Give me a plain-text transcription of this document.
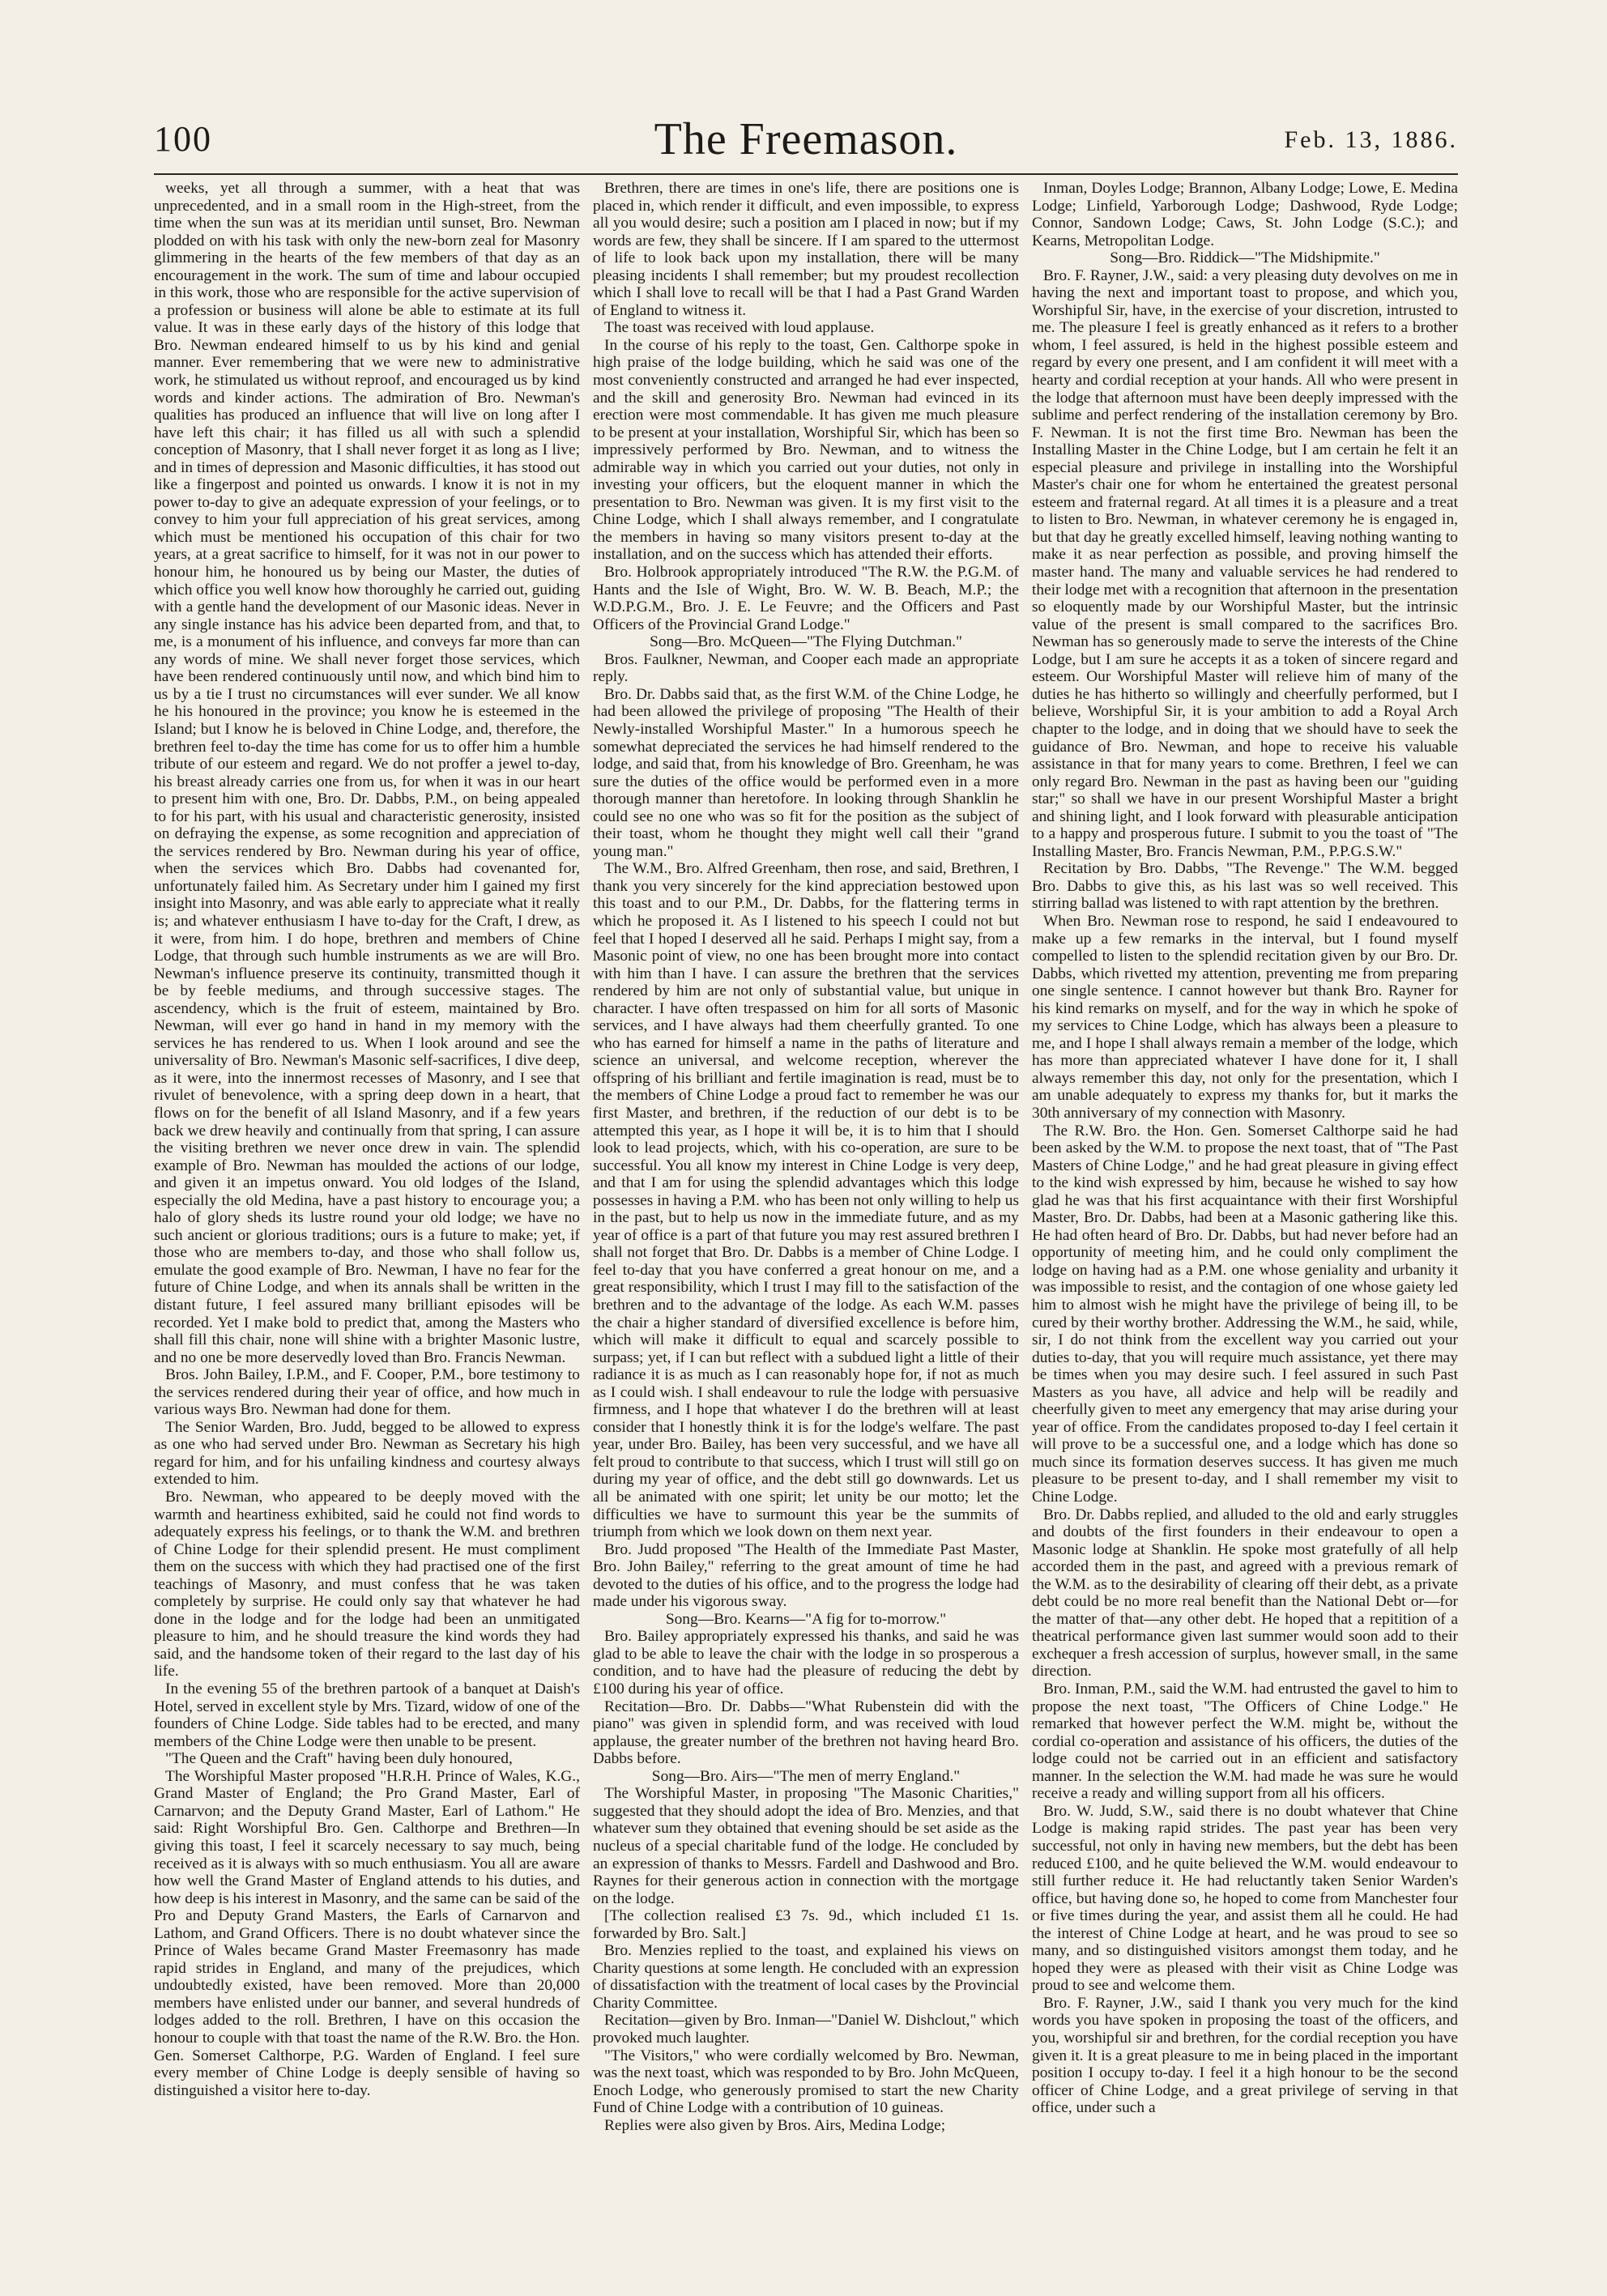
100	The Freemason.	Feb. 13, 1886.

weeks, yet all through a summer, with a heat that was unprecedented, and in a small room in the High-street, from the time when the sun was at its meridian until sunset, Bro. Newman plodded on with his task with only the new-born zeal for Masonry glimmering in the hearts of the few members of that day as an encouragement in the work. The sum of time and labour occupied in this work, those who are responsible for the active supervision of a profession or business will alone be able to estimate at its full value. It was in these early days of the history of this lodge that Bro. Newman endeared himself to us by his kind and genial manner. Ever remembering that we were new to administrative work, he stimulated us without reproof, and encouraged us by kind words and kinder actions. The admiration of Bro. Newman's qualities has produced an influence that will live on long after I have left this chair; it has filled us all with such a splendid conception of Masonry, that I shall never forget it as long as I live; and in times of depression and Masonic difficulties, it has stood out like a fingerpost and pointed us onwards. I know it is not in my power to-day to give an adequate expression of your feelings, or to convey to him your full appreciation of his great services, among which must be mentioned his occupation of this chair for two years, at a great sacrifice to himself, for it was not in our power to honour him, he honoured us by being our Master, the duties of which office you well know how thoroughly he carried out, guiding with a gentle hand the development of our Masonic ideas. Never in any single instance has his advice been departed from, and that, to me, is a monument of his influence, and conveys far more than can any words of mine. We shall never forget those services, which have been rendered continuously until now, and which bind him to us by a tie I trust no circumstances will ever sunder. We all know he his honoured in the province; you know he is esteemed in the Island; but I know he is beloved in Chine Lodge, and, therefore, the brethren feel to-day the time has come for us to offer him a humble tribute of our esteem and regard. We do not proffer a jewel to-day, his breast already carries one from us, for when it was in our heart to present him with one, Bro. Dr. Dabbs, P.M., on being appealed to for his part, with his usual and characteristic generosity, insisted on defraying the expense, as some recognition and appreciation of the services rendered by Bro. Newman during his year of office, when the services which Bro. Dabbs had covenanted for, unfortunately failed him. As Secretary under him I gained my first insight into Masonry, and was able early to appreciate what it really is; and whatever enthusiasm I have to-day for the Craft, I drew, as it were, from him. I do hope, brethren and members of Chine Lodge, that through such humble instruments as we are will Bro. Newman's influence preserve its continuity, transmitted though it be by feeble mediums, and through successive stages. The ascendency, which is the fruit of esteem, maintained by Bro. Newman, will ever go hand in hand in my memory with the services he has rendered to us. When I look around and see the universality of Bro. Newman's Masonic self-sacrifices, I dive deep, as it were, into the innermost recesses of Masonry, and I see that rivulet of benevolence, with a spring deep down in a heart, that flows on for the benefit of all Island Masonry, and if a few years back we drew heavily and continually from that spring, I can assure the visiting brethren we never once drew in vain. The splendid example of Bro. Newman has moulded the actions of our lodge, and given it an impetus onward. You old lodges of the Island, especially the old Medina, have a past history to encourage you; a halo of glory sheds its lustre round your old lodge; we have no such ancient or glorious traditions; ours is a future to make; yet, if those who are members to-day, and those who shall follow us, emulate the good example of Bro. Newman, I have no fear for the future of Chine Lodge, and when its annals shall be written in the distant future, I feel assured many brilliant episodes will be recorded. Yet I make bold to predict that, among the Masters who shall fill this chair, none will shine with a brighter Masonic lustre, and no one be more deservedly loved than Bro. Francis Newman.

Bros. John Bailey, I.P.M., and F. Cooper, P.M., bore testimony to the services rendered during their year of office, and how much in various ways Bro. Newman had done for them.

The Senior Warden, Bro. Judd, begged to be allowed to express as one who had served under Bro. Newman as Secretary his high regard for him, and for his unfailing kindness and courtesy always extended to him.

Bro. Newman, who appeared to be deeply moved with the warmth and heartiness exhibited, said he could not find words to adequately express his feelings, or to thank the W.M. and brethren of Chine Lodge for their splendid present. He must compliment them on the success with which they had practised one of the first teachings of Masonry, and must confess that he was taken completely by surprise. He could only say that whatever he had done in the lodge and for the lodge had been an unmitigated pleasure to him, and he should treasure the kind words they had said, and the handsome token of their regard to the last day of his life.

In the evening 55 of the brethren partook of a banquet at Daish's Hotel, served in excellent style by Mrs. Tizard, widow of one of the founders of Chine Lodge. Side tables had to be erected, and many members of the Chine Lodge were then unable to be present.

"The Queen and the Craft" having been duly honoured,

The Worshipful Master proposed "H.R.H. Prince of Wales, K.G., Grand Master of England; the Pro Grand Master, Earl of Carnarvon; and the Deputy Grand Master, Earl of Lathom." He said: Right Worshipful Bro. Gen. Calthorpe and Brethren—In giving this toast, I feel it scarcely necessary to say much, being received as it is always with so much enthusiasm. You all are aware how well the Grand Master of England attends to his duties, and how deep is his interest in Masonry, and the same can be said of the Pro and Deputy Grand Masters, the Earls of Carnarvon and Lathom, and Grand Officers. There is no doubt whatever since the Prince of Wales became Grand Master Freemasonry has made rapid strides in England, and many of the prejudices, which undoubtedly existed, have been removed. More than 20,000 members have enlisted under our banner, and several hundreds of lodges added to the roll. Brethren, I have on this occasion the honour to couple with that toast the name of the R.W. Bro. the Hon. Gen. Somerset Calthorpe, P.G. Warden of England. I feel sure every member of Chine Lodge is deeply sensible of having so distinguished a visitor here to-day.

Brethren, there are times in one's life, there are positions one is placed in, which render it difficult, and even impossible, to express all you would desire; such a position am I placed in now; but if my words are few, they shall be sincere. If I am spared to the uttermost of life to look back upon my installation, there will be many pleasing incidents I shall remember; but my proudest recollection which I shall love to recall will be that I had a Past Grand Warden of England to witness it.

The toast was received with loud applause.

In the course of his reply to the toast, Gen. Calthorpe spoke in high praise of the lodge building, which he said was one of the most conveniently constructed and arranged he had ever inspected, and the skill and generosity Bro. Newman had evinced in its erection were most commendable. It has given me much pleasure to be present at your installation, Worshipful Sir, which has been so impressively performed by Bro. Newman, and to witness the admirable way in which you carried out your duties, not only in investing your officers, but the eloquent manner in which the presentation to Bro. Newman was given. It is my first visit to the Chine Lodge, which I shall always remember, and I congratulate the members in having so many visitors present to-day at the installation, and on the success which has attended their efforts.

Bro. Holbrook appropriately introduced "The R.W. the P.G.M. of Hants and the Isle of Wight, Bro. W. W. B. Beach, M.P.; the W.D.P.G.M., Bro. J. E. Le Feuvre; and the Officers and Past Officers of the Provincial Grand Lodge."

Song—Bro. McQueen—"The Flying Dutchman."

Bros. Faulkner, Newman, and Cooper each made an appropriate reply.

Bro. Dr. Dabbs said that, as the first W.M. of the Chine Lodge, he had been allowed the privilege of proposing "The Health of their Newly-installed Worshipful Master." In a humorous speech he somewhat depreciated the services he had himself rendered to the lodge, and said that, from his knowledge of Bro. Greenham, he was sure the duties of the office would be performed even in a more thorough manner than heretofore. In looking through Shanklin he could see no one who was so fit for the position as the subject of their toast, whom he thought they might well call their "grand young man."

The W.M., Bro. Alfred Greenham, then rose, and said, Brethren, I thank you very sincerely for the kind appreciation bestowed upon this toast and to our P.M., Dr. Dabbs, for the flattering terms in which he proposed it. As I listened to his speech I could not but feel that I hoped I deserved all he said. Perhaps I might say, from a Masonic point of view, no one has been brought more into contact with him than I have. I can assure the brethren that the services rendered by him are not only of substantial value, but unique in character. I have often trespassed on him for all sorts of Masonic services, and I have always had them cheerfully granted. To one who has earned for himself a name in the paths of literature and science an universal, and welcome reception, wherever the offspring of his brilliant and fertile imagination is read, must be to the members of Chine Lodge a proud fact to remember he was our first Master, and brethren, if the reduction of our debt is to be attempted this year, as I hope it will be, it is to him that I should look to lead projects, which, with his co-operation, are sure to be successful. You all know my interest in Chine Lodge is very deep, and that I am for using the splendid advantages which this lodge possesses in having a P.M. who has been not only willing to help us in the past, but to help us now in the immediate future, and as my year of office is a part of that future you may rest assured brethren I shall not forget that Bro. Dr. Dabbs is a member of Chine Lodge. I feel to-day that you have conferred a great honour on me, and a great responsibility, which I trust I may fill to the satisfaction of the brethren and to the advantage of the lodge. As each W.M. passes the chair a higher standard of diversified excellence is before him, which will make it difficult to equal and scarcely possible to surpass; yet, if I can but reflect with a subdued light a little of their radiance it is as much as I can reasonably hope for, if not as much as I could wish. I shall endeavour to rule the lodge with persuasive firmness, and I hope that whatever I do the brethren will at least consider that I honestly think it is for the lodge's welfare. The past year, under Bro. Bailey, has been very successful, and we have all felt proud to contribute to that success, which I trust will still go on during my year of office, and the debt still go downwards. Let us all be animated with one spirit; let unity be our motto; let the difficulties we have to surmount this year be the summits of triumph from which we look down on them next year.

Bro. Judd proposed "The Health of the Immediate Past Master, Bro. John Bailey," referring to the great amount of time he had devoted to the duties of his office, and to the progress the lodge had made under his vigorous sway.

Song—Bro. Kearns—"A fig for to-morrow."

Bro. Bailey appropriately expressed his thanks, and said he was glad to be able to leave the chair with the lodge in so prosperous a condition, and to have had the pleasure of reducing the debt by £100 during his year of office.

Recitation—Bro. Dr. Dabbs—"What Rubenstein did with the piano" was given in splendid form, and was received with loud applause, the greater number of the brethren not having heard Bro. Dabbs before.

Song—Bro. Airs—"The men of merry England."

The Worshipful Master, in proposing "The Masonic Charities," suggested that they should adopt the idea of Bro. Menzies, and that whatever sum they obtained that evening should be set aside as the nucleus of a special charitable fund of the lodge. He concluded by an expression of thanks to Messrs. Fardell and Dashwood and Bro. Raynes for their generous action in connection with the mortgage on the lodge.

[The collection realised £3 7s. 9d., which included £1 1s. forwarded by Bro. Salt.]

Bro. Menzies replied to the toast, and explained his views on Charity questions at some length. He concluded with an expression of dissatisfaction with the treatment of local cases by the Provincial Charity Committee.

Recitation—given by Bro. Inman—"Daniel W. Dishclout," which provoked much laughter.

"The Visitors," who were cordially welcomed by Bro. Newman, was the next toast, which was responded to by Bro. John McQueen, Enoch Lodge, who generously promised to start the new Charity Fund of Chine Lodge with a contribution of 10 guineas.

Replies were also given by Bros. Airs, Medina Lodge;

Inman, Doyles Lodge; Brannon, Albany Lodge; Lowe, E. Medina Lodge; Linfield, Yarborough Lodge; Dashwood, Ryde Lodge; Connor, Sandown Lodge; Caws, St. John Lodge (S.C.); and Kearns, Metropolitan Lodge.

Song—Bro. Riddick—"The Midshipmite."

Bro. F. Rayner, J.W., said: a very pleasing duty devolves on me in having the next and important toast to propose, and which you, Worshipful Sir, have, in the exercise of your discretion, intrusted to me. The pleasure I feel is greatly enhanced as it refers to a brother whom, I feel assured, is held in the highest possible esteem and regard by every one present, and I am confident it will meet with a hearty and cordial reception at your hands. All who were present in the lodge that afternoon must have been deeply impressed with the sublime and perfect rendering of the installation ceremony by Bro. F. Newman. It is not the first time Bro. Newman has been the Installing Master in the Chine Lodge, but I am certain he felt it an especial pleasure and privilege in installing into the Worshipful Master's chair one for whom he entertained the greatest personal esteem and fraternal regard. At all times it is a pleasure and a treat to listen to Bro. Newman, in whatever ceremony he is engaged in, but that day he greatly excelled himself, leaving nothing wanting to make it as near perfection as possible, and proving himself the master hand. The many and valuable services he had rendered to their lodge met with a recognition that afternoon in the presentation so eloquently made by our Worshipful Master, but the intrinsic value of the present is small compared to the sacrifices Bro. Newman has so generously made to serve the interests of the Chine Lodge, but I am sure he accepts it as a token of sincere regard and esteem. Our Worshipful Master will relieve him of many of the duties he has hitherto so willingly and cheerfully performed, but I believe, Worshipful Sir, it is your ambition to add a Royal Arch chapter to the lodge, and in doing that we should have to seek the guidance of Bro. Newman, and hope to receive his valuable assistance in that for many years to come. Brethren, I feel we can only regard Bro. Newman in the past as having been our "guiding star;" so shall we have in our present Worshipful Master a bright and shining light, and I look forward with pleasurable anticipation to a happy and prosperous future. I submit to you the toast of "The Installing Master, Bro. Francis Newman, P.M., P.P.G.S.W."

Recitation by Bro. Dabbs, "The Revenge." The W.M. begged Bro. Dabbs to give this, as his last was so well received. This stirring ballad was listened to with rapt attention by the brethren.

When Bro. Newman rose to respond, he said I endeavoured to make up a few remarks in the interval, but I found myself compelled to listen to the splendid recitation given by our Bro. Dr. Dabbs, which rivetted my attention, preventing me from preparing one single sentence. I cannot however but thank Bro. Rayner for his kind remarks on myself, and for the way in which he spoke of my services to Chine Lodge, which has always been a pleasure to me, and I hope I shall always remain a member of the lodge, which has more than appreciated whatever I have done for it, I shall always remember this day, not only for the presentation, which I am unable adequately to express my thanks for, but it marks the 30th anniversary of my connection with Masonry.

The R.W. Bro. the Hon. Gen. Somerset Calthorpe said he had been asked by the W.M. to propose the next toast, that of "The Past Masters of Chine Lodge," and he had great pleasure in giving effect to the kind wish expressed by him, because he wished to say how glad he was that his first acquaintance with their first Worshipful Master, Bro. Dr. Dabbs, had been at a Masonic gathering like this. He had often heard of Bro. Dr. Dabbs, but had never before had an opportunity of meeting him, and he could only compliment the lodge on having had as a P.M. one whose geniality and urbanity it was impossible to resist, and the contagion of one whose gaiety led him to almost wish he might have the privilege of being ill, to be cured by their worthy brother. Addressing the W.M., he said, while, sir, I do not think from the excellent way you carried out your duties to-day, that you will require much assistance, yet there may be times when you may desire such. I feel assured in such Past Masters as you have, all advice and help will be readily and cheerfully given to meet any emergency that may arise during your year of office. From the candidates proposed to-day I feel certain it will prove to be a successful one, and a lodge which has done so much since its formation deserves success. It has given me much pleasure to be present to-day, and I shall remember my visit to Chine Lodge.

Bro. Dr. Dabbs replied, and alluded to the old and early struggles and doubts of the first founders in their endeavour to open a Masonic lodge at Shanklin. He spoke most gratefully of all help accorded them in the past, and agreed with a previous remark of the W.M. as to the desirability of clearing off their debt, as a private debt could be no more real benefit than the National Debt or—for the matter of that—any other debt. He hoped that a repitition of a theatrical performance given last summer would soon add to their exchequer a fresh accession of surplus, however small, in the same direction.

Bro. Inman, P.M., said the W.M. had entrusted the gavel to him to propose the next toast, "The Officers of Chine Lodge." He remarked that however perfect the W.M. might be, without the cordial co-operation and assistance of his officers, the duties of the lodge could not be carried out in an efficient and satisfactory manner. In the selection the W.M. had made he was sure he would receive a ready and willing support from all his officers.

Bro. W. Judd, S.W., said there is no doubt whatever that Chine Lodge is making rapid strides. The past year has been very successful, not only in having new members, but the debt has been reduced £100, and he quite believed the W.M. would endeavour to still further reduce it. He had reluctantly taken Senior Warden's office, but having done so, he hoped to come from Manchester four or five times during the year, and assist them all he could. He had the interest of Chine Lodge at heart, and he was proud to see so many, and so distinguished visitors amongst them today, and he hoped they were as pleased with their visit as Chine Lodge was proud to see and welcome them.

Bro. F. Rayner, J.W., said I thank you very much for the kind words you have spoken in proposing the toast of the officers, and you, worshipful sir and brethren, for the cordial reception you have given it. It is a great pleasure to me in being placed in the important position I occupy to-day. I feel it a high honour to be the second officer of Chine Lodge, and a great privilege of serving in that office, under such a
